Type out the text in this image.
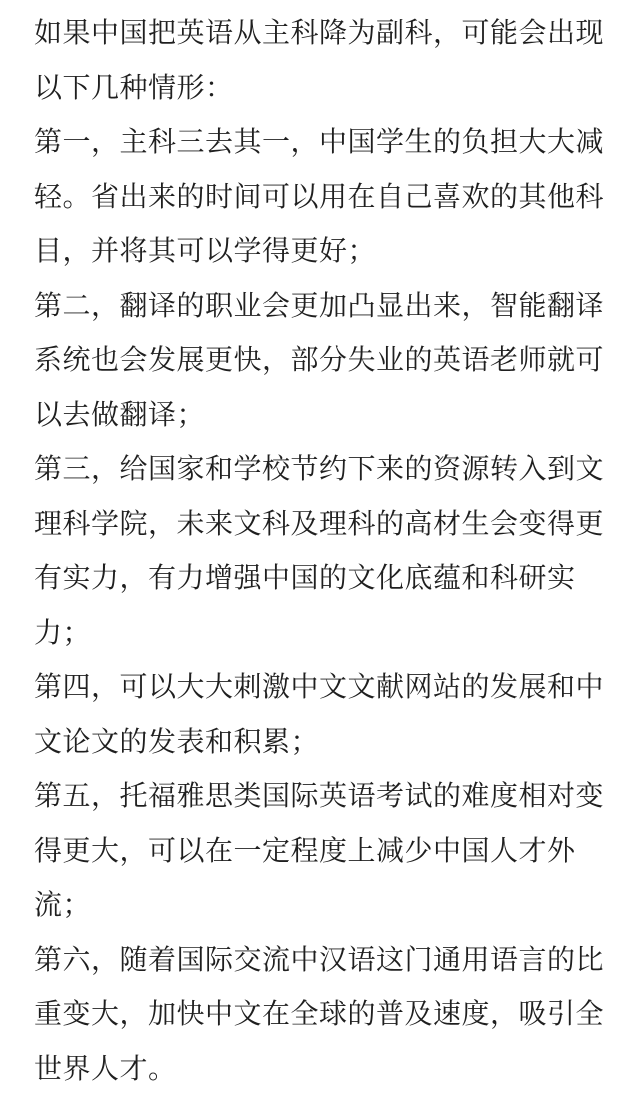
如果中国把英语从主科降为副科，可能会出现以下几种情形：

第一，主科三去其一，中国学生的负担大大减轻。省出来的时间可以用在自己喜欢的其他科目，并将其可以学得更好；

第二，翻译的职业会更加凸显出来，智能翻译系统也会发展更快，部分失业的英语老师就可以去做翻译；

第三，给国家和学校节约下来的资源转入到文理科学院，未来文科及理科的高材生会变得更有实力，有力增强中国的文化底蕴和科研实力；

第四，可以大大刺激中文文献网站的发展和中文论文的发表和积累；

第五，托福雅思类国际英语考试的难度相对变得更大，可以在一定程度上减少中国人才外流；

第六，随着国际交流中汉语这门通用语言的比重变大，加快中文在全球的普及速度，吸引全世界人才。
